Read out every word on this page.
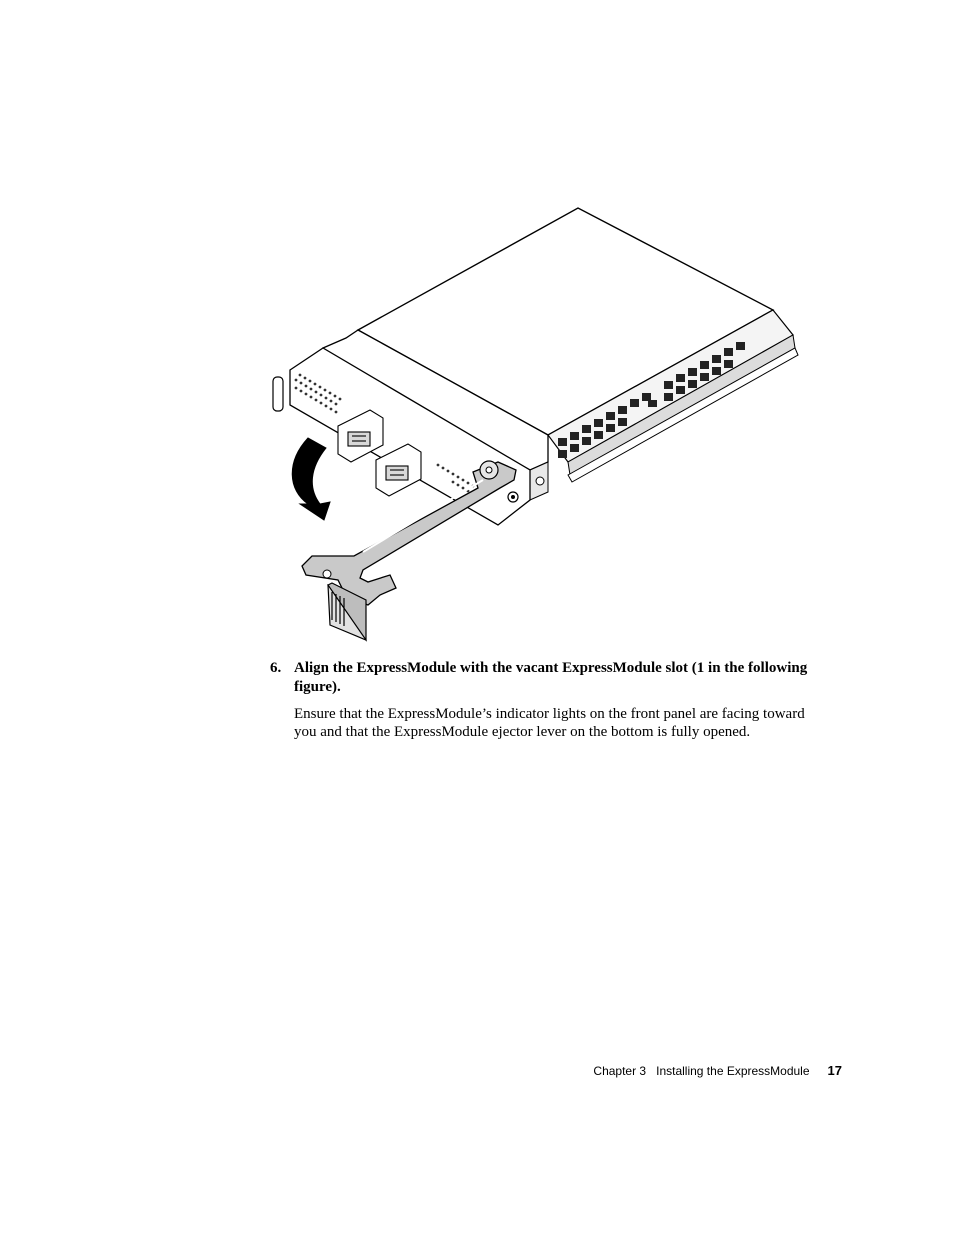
6. Align the ExpressModule with the vacant ExpressModule slot (1 in the following figure).
Ensure that the ExpressModule’s indicator lights on the front panel are facing toward you and that the ExpressModule ejector lever on the bottom is fully opened.
Chapter 3 Installing the ExpressModule 17
